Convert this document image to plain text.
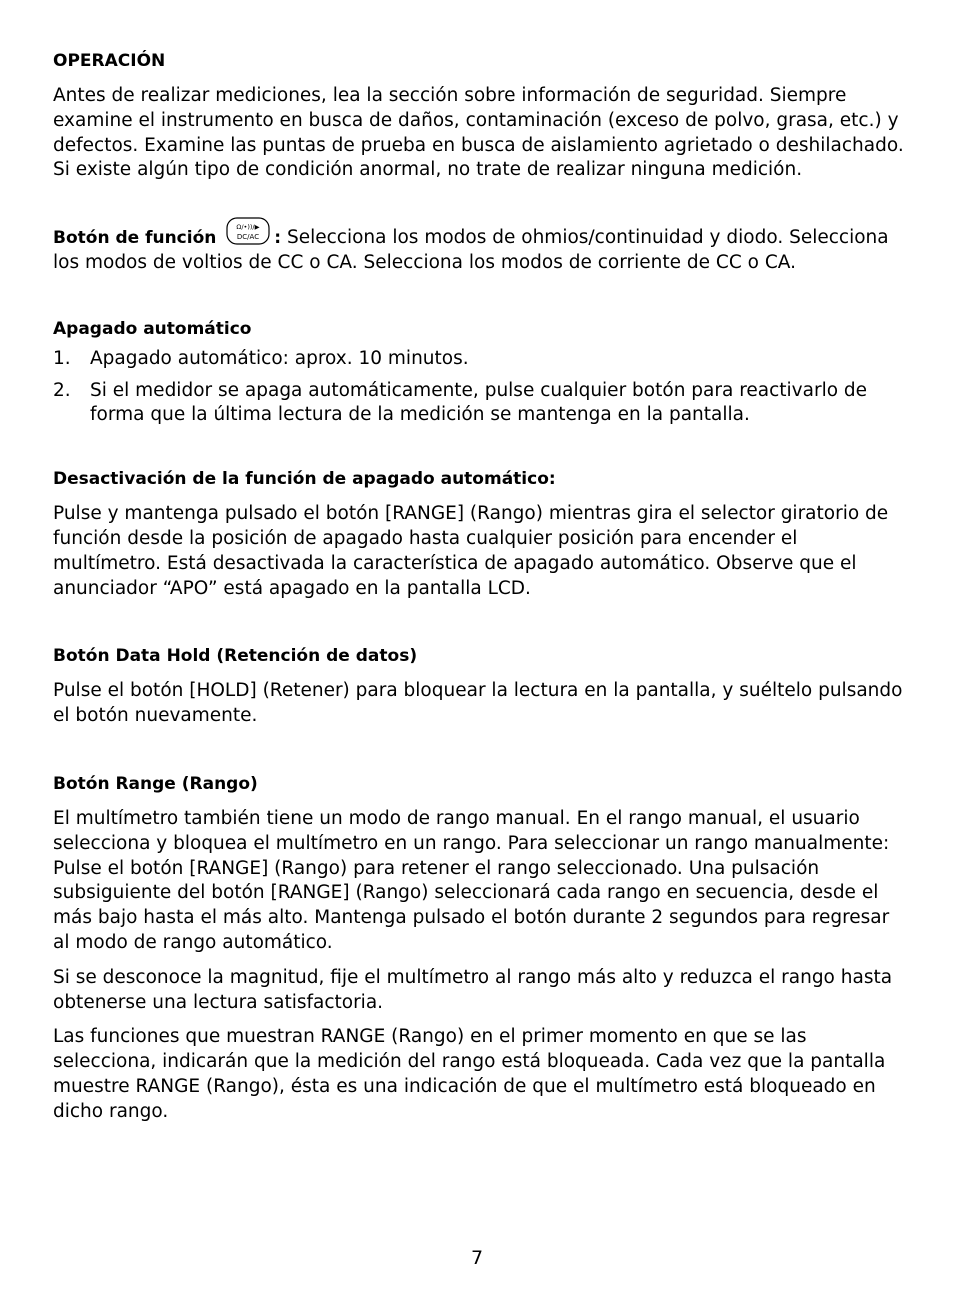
OPERACIÓN

Antes de realizar mediciones, lea la sección sobre información de seguridad. Siempre examine el instrumento en busca de daños, contaminación (exceso de polvo, grasa, etc.) y defectos. Examine las puntas de prueba en busca de aislamiento agrietado o deshilachado. Si existe algún tipo de condición anormal, no trate de realizar ninguna medición.

Botón de función
Ω/•))/▶
DC/AC : Selecciona los modos de ohmios/continuidad y diodo. Selecciona los modos de voltios de CC o CA. Selecciona los modos de corriente de CC o CA.

Apagado automático
1. Apagado automático: aprox. 10 minutos.
2. Si el medidor se apaga automáticamente, pulse cualquier botón para reactivarlo de forma que la última lectura de la medición se mantenga en la pantalla.
Desactivación de la función de apagado automático:

Pulse y mantenga pulsado el botón [RANGE] (Rango) mientras gira el selector giratorio de función desde la posición de apagado hasta cualquier posición para encender el multímetro. Está desactivada la característica de apagado automático. Observe que el anunciador “APO” está apagado en la pantalla LCD.

Botón Data Hold (Retención de datos)

Pulse el botón [HOLD] (Retener) para bloquear la lectura en la pantalla, y suéltelo pulsando el botón nuevamente.

Botón Range (Rango)

El multímetro también tiene un modo de rango manual. En el rango manual, el usuario selecciona y bloquea el multímetro en un rango. Para seleccionar un rango manualmente: Pulse el botón [RANGE] (Rango) para retener el rango seleccionado. Una pulsación subsiguiente del botón [RANGE] (Rango) seleccionará cada rango en secuencia, desde el más bajo hasta el más alto. Mantenga pulsado el botón durante 2 segundos para regresar al modo de rango automático.

Si se desconoce la magnitud, fije el multímetro al rango más alto y reduzca el rango hasta obtenerse una lectura satisfactoria.

Las funciones que muestran RANGE (Rango) en el primer momento en que se las selecciona, indicarán que la medición del rango está bloqueada. Cada vez que la pantalla muestre RANGE (Rango), ésta es una indicación de que el multímetro está bloqueado en dicho rango.

7
